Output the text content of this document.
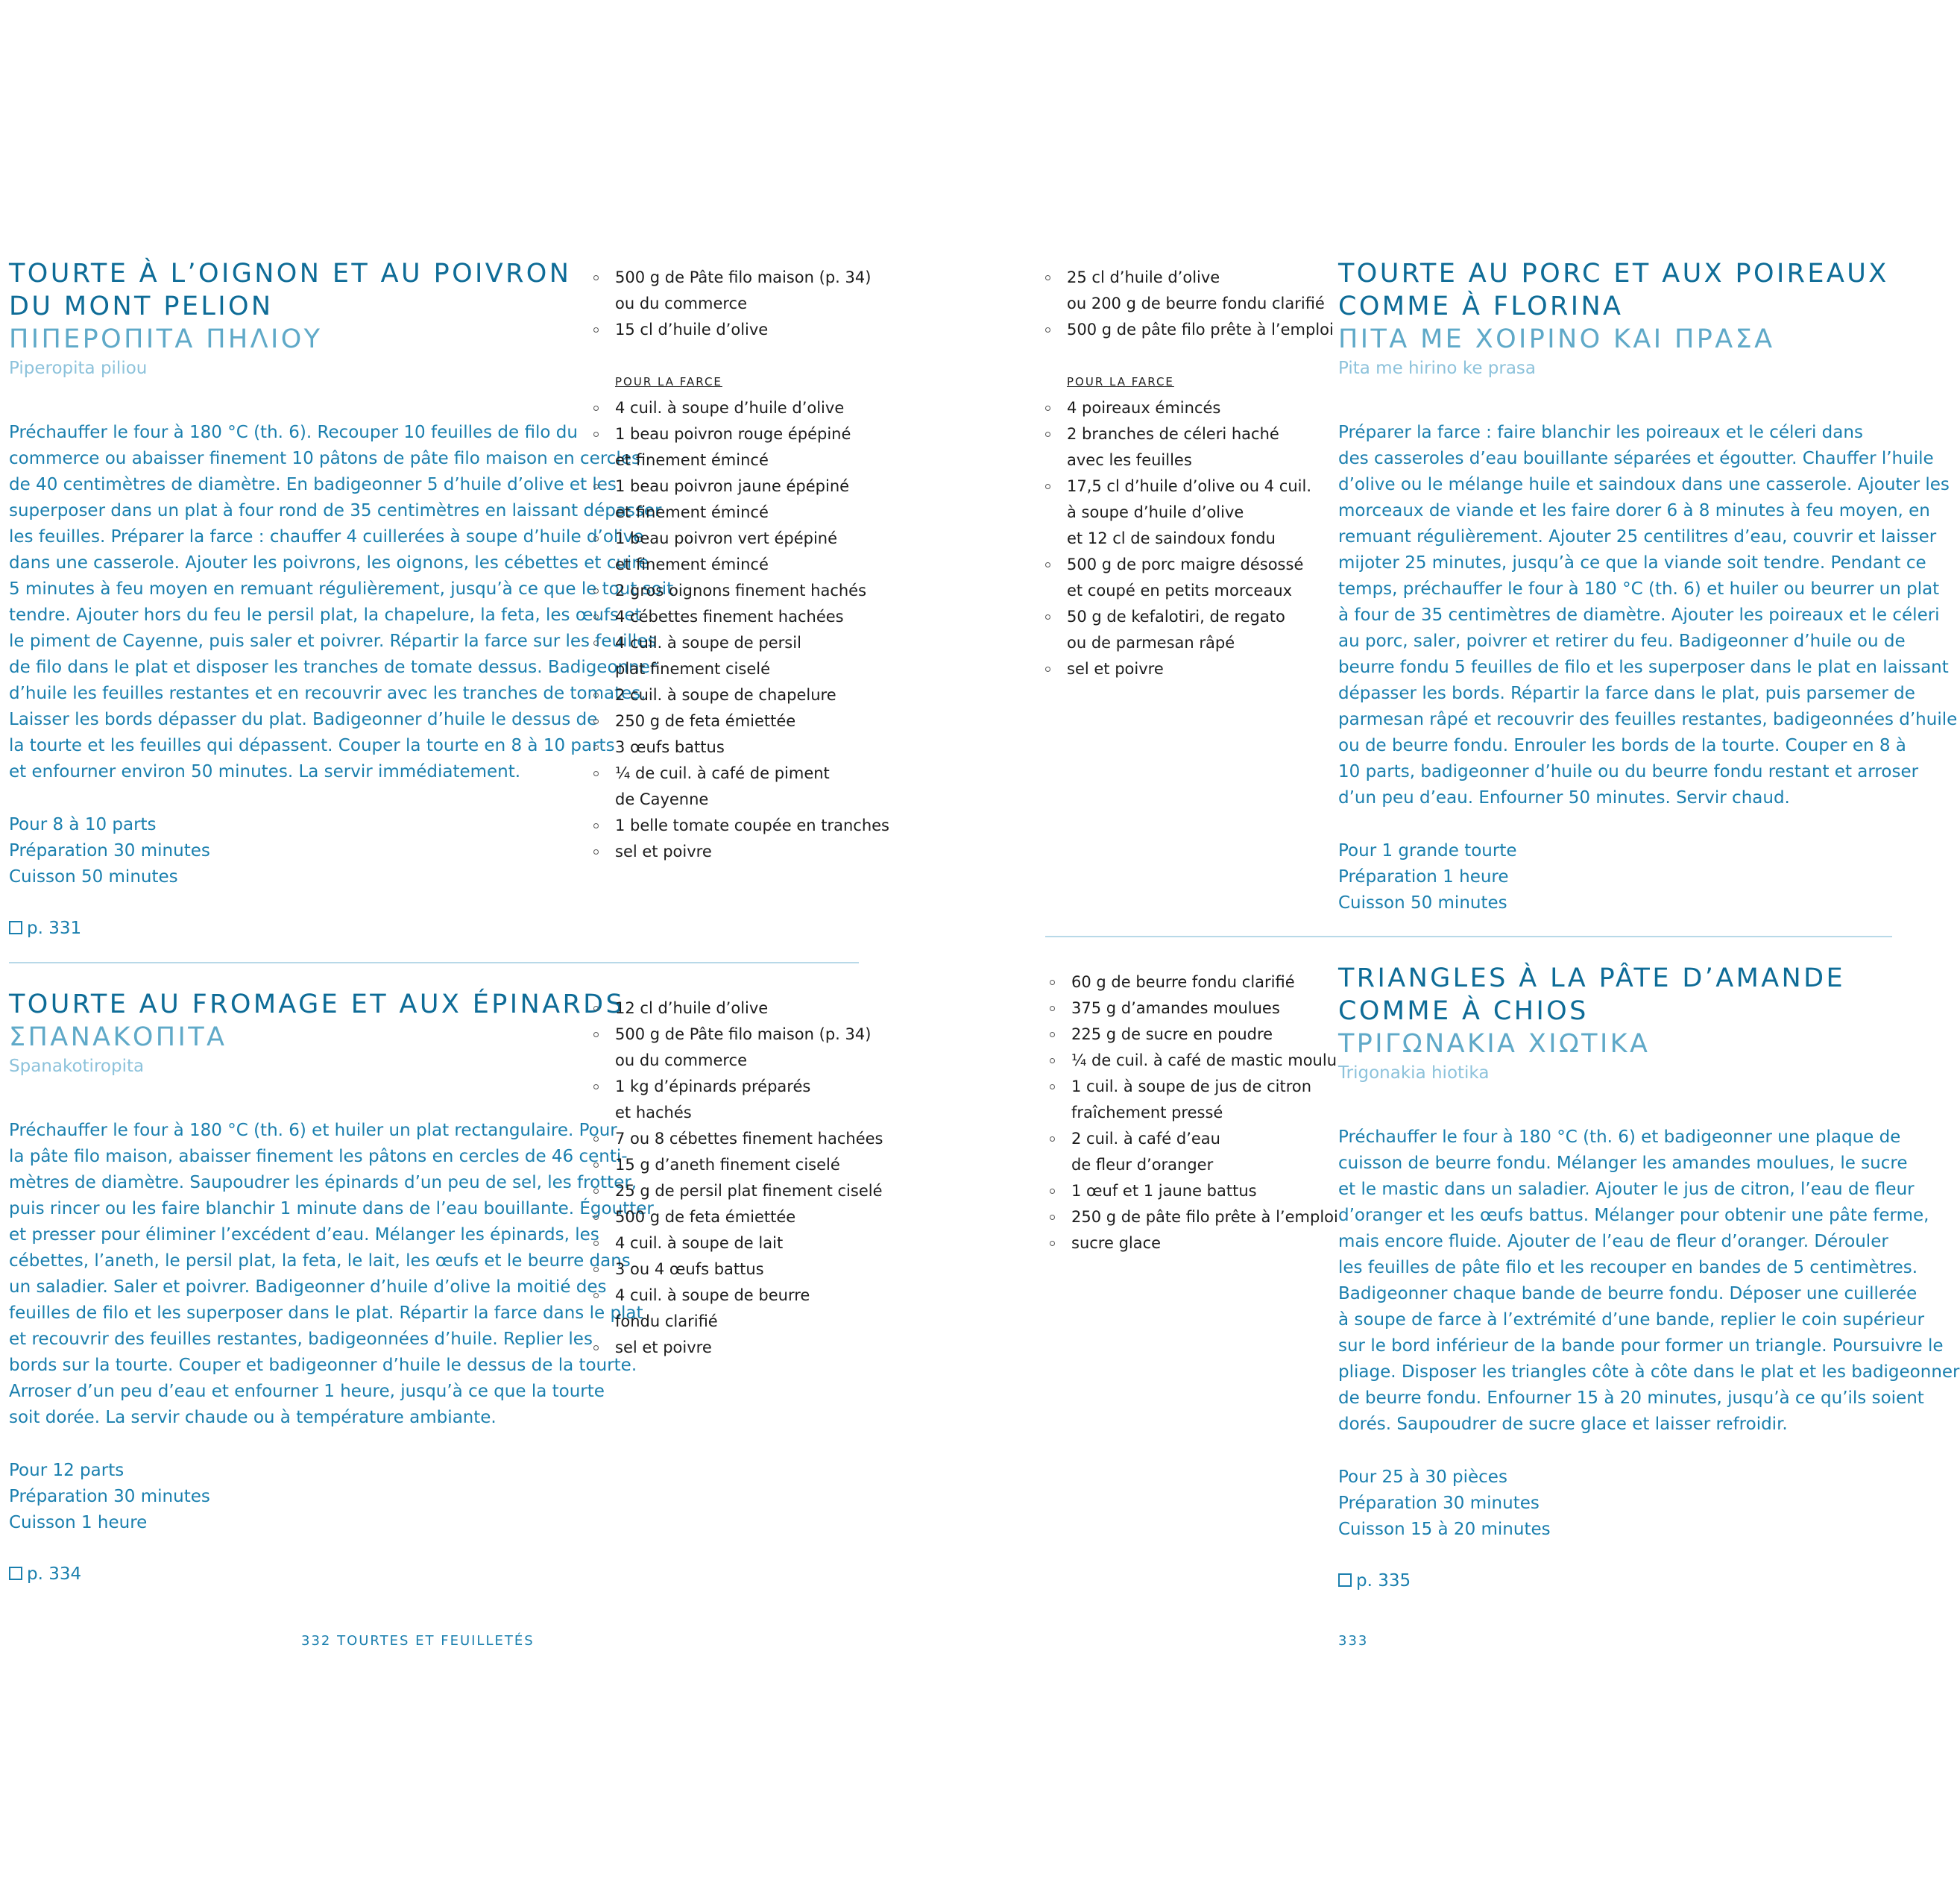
TOURTE À L’OIGNON ET AU POIVRON
DU MONT PELION
ΠΙΠΕΡΟΠΙΤΑ ΠΗΛΙΟΥ
Piperopita piliou
Préchauffer le four à 180 °C (th. 6). Recouper 10 feuilles de filo du
commerce ou abaisser finement 10 pâtons de pâte filo maison en cercles
de 40 centimètres de diamètre. En badigeonner 5 d’huile d’olive et les
superposer dans un plat à four rond de 35 centimètres en laissant dépasser
les feuilles. Préparer la farce : chauffer 4 cuillerées à soupe d’huile d’olive
dans une casserole. Ajouter les poivrons, les oignons, les cébettes et cuire
5 minutes à feu moyen en remuant régulièrement, jusqu’à ce que le tout soit
tendre. Ajouter hors du feu le persil plat, la chapelure, la feta, les œufs et
le piment de Cayenne, puis saler et poivrer. Répartir la farce sur les feuilles
de filo dans le plat et disposer les tranches de tomate dessus. Badigeonner
d’huile les feuilles restantes et en recouvrir avec les tranches de tomates.
Laisser les bords dépasser du plat. Badigeonner d’huile le dessus de
la tourte et les feuilles qui dépassent. Couper la tourte en 8 à 10 parts
et enfourner environ 50 minutes. La servir immédiatement.
Pour 8 à 10 parts
Préparation 30 minutes
Cuisson 50 minutes
p. 331
500 g de Pâte filo maison (p. 34)
ou du commerce
15 cl d’huile d’olive
POUR LA FARCE
4 cuil. à soupe d’huile d’olive
1 beau poivron rouge épépiné
et finement émincé
1 beau poivron jaune épépiné
et finement émincé
1 beau poivron vert épépiné
et finement émincé
2 gros oignons finement hachés
4 cébettes finement hachées
4 cuil. à soupe de persil
plat finement ciselé
2 cuil. à soupe de chapelure
250 g de feta émiettée
3 œufs battus
¼ de cuil. à café de piment
de Cayenne
1 belle tomate coupée en tranches
sel et poivre
TOURTE AU FROMAGE ET AUX ÉPINARDS
ΣΠΑΝΑΚΟΠΙΤΑ
Spanakotiropita
Préchauffer le four à 180 °C (th. 6) et huiler un plat rectangulaire. Pour
la pâte filo maison, abaisser finement les pâtons en cercles de 46 centi-
mètres de diamètre. Saupoudrer les épinards d’un peu de sel, les frotter,
puis rincer ou les faire blanchir 1 minute dans de l’eau bouillante. Égoutter
et presser pour éliminer l’excédent d’eau. Mélanger les épinards, les
cébettes, l’aneth, le persil plat, la feta, le lait, les œufs et le beurre dans
un saladier. Saler et poivrer. Badigeonner d’huile d’olive la moitié des
feuilles de filo et les superposer dans le plat. Répartir la farce dans le plat
et recouvrir des feuilles restantes, badigeonnées d’huile. Replier les
bords sur la tourte. Couper et badigeonner d’huile le dessus de la tourte.
Arroser d’un peu d’eau et enfourner 1 heure, jusqu’à ce que la tourte
soit dorée. La servir chaude ou à température ambiante.
Pour 12 parts
Préparation 30 minutes
Cuisson 1 heure
p. 334
12 cl d’huile d’olive
500 g de Pâte filo maison (p. 34)
ou du commerce
1 kg d’épinards préparés
et hachés
7 ou 8 cébettes finement hachées
15 g d’aneth finement ciselé
25 g de persil plat finement ciselé
500 g de feta émiettée
4 cuil. à soupe de lait
3 ou 4 œufs battus
4 cuil. à soupe de beurre
fondu clarifié
sel et poivre
332 TOURTES ET FEUILLETÉS
25 cl d’huile d’olive
ou 200 g de beurre fondu clarifié
500 g de pâte filo prête à l’emploi
POUR LA FARCE
4 poireaux émincés
2 branches de céleri haché
avec les feuilles
17,5 cl d’huile d’olive ou 4 cuil.
à soupe d’huile d’olive
et 12 cl de saindoux fondu
500 g de porc maigre désossé
et coupé en petits morceaux
50 g de kefalotiri, de regato
ou de parmesan râpé
sel et poivre
TOURTE AU PORC ET AUX POIREAUX
COMME À FLORINA
ΠΙΤΑ ΜΕ ΧΟΙΡΙΝΟ ΚΑΙ ΠΡΑΣΑ
Pita me hirino ke prasa
Préparer la farce : faire blanchir les poireaux et le céleri dans
des casseroles d’eau bouillante séparées et égoutter. Chauffer l’huile
d’olive ou le mélange huile et saindoux dans une casserole. Ajouter les
morceaux de viande et les faire dorer 6 à 8 minutes à feu moyen, en
remuant régulièrement. Ajouter 25 centilitres d’eau, couvrir et laisser
mijoter 25 minutes, jusqu’à ce que la viande soit tendre. Pendant ce
temps, préchauffer le four à 180 °C (th. 6) et huiler ou beurrer un plat
à four de 35 centimètres de diamètre. Ajouter les poireaux et le céleri
au porc, saler, poivrer et retirer du feu. Badigeonner d’huile ou de
beurre fondu 5 feuilles de filo et les superposer dans le plat en laissant
dépasser les bords. Répartir la farce dans le plat, puis parsemer de
parmesan râpé et recouvrir des feuilles restantes, badigeonnées d’huile
ou de beurre fondu. Enrouler les bords de la tourte. Couper en 8 à
10 parts, badigeonner d’huile ou du beurre fondu restant et arroser
d’un peu d’eau. Enfourner 50 minutes. Servir chaud.
Pour 1 grande tourte
Préparation 1 heure
Cuisson 50 minutes
60 g de beurre fondu clarifié
375 g d’amandes moulues
225 g de sucre en poudre
¼ de cuil. à café de mastic moulu
1 cuil. à soupe de jus de citron
fraîchement pressé
2 cuil. à café d’eau
de fleur d’oranger
1 œuf et 1 jaune battus
250 g de pâte filo prête à l’emploi
sucre glace
TRIANGLES À LA PÂTE D’AMANDE
COMME À CHIOS
ΤΡΙΓΩΝΑΚΙΑ ΧΙΩΤΙΚΑ
Trigonakia hiotika
Préchauffer le four à 180 °C (th. 6) et badigeonner une plaque de
cuisson de beurre fondu. Mélanger les amandes moulues, le sucre
et le mastic dans un saladier. Ajouter le jus de citron, l’eau de fleur
d’oranger et les œufs battus. Mélanger pour obtenir une pâte ferme,
mais encore fluide. Ajouter de l’eau de fleur d’oranger. Dérouler
les feuilles de pâte filo et les recouper en bandes de 5 centimètres.
Badigeonner chaque bande de beurre fondu. Déposer une cuillerée
à soupe de farce à l’extrémité d’une bande, replier le coin supérieur
sur le bord inférieur de la bande pour former un triangle. Poursuivre le
pliage. Disposer les triangles côte à côte dans le plat et les badigeonner
de beurre fondu. Enfourner 15 à 20 minutes, jusqu’à ce qu’ils soient
dorés. Saupoudrer de sucre glace et laisser refroidir.
Pour 25 à 30 pièces
Préparation 30 minutes
Cuisson 15 à 20 minutes
p. 335
333
